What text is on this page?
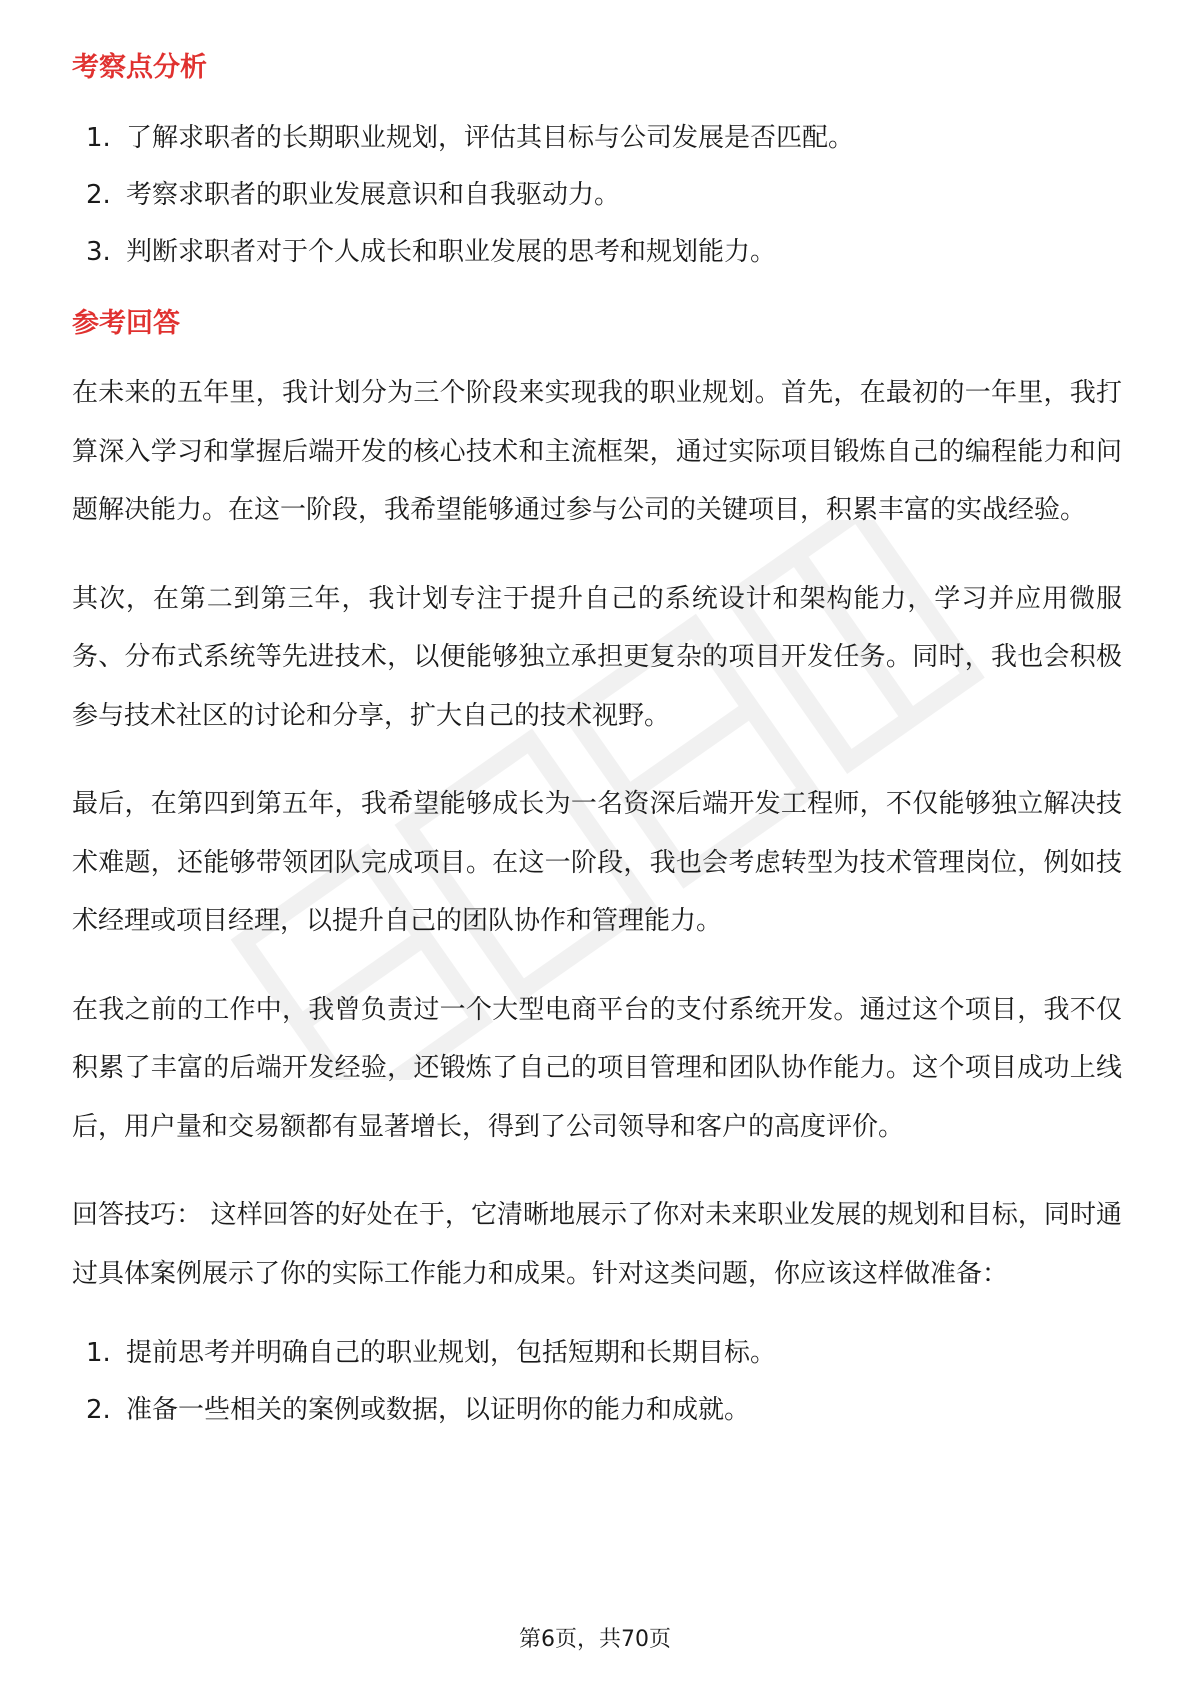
考察点分析
1. 了解求职者的长期职业规划，评估其目标与公司发展是否匹配。
2. 考察求职者的职业发展意识和自我驱动力。
3. 判断求职者对于个人成长和职业发展的思考和规划能力。
参考回答

在未来的五年里，我计划分为三个阶段来实现我的职业规划。首先，在最初的一年里，我打算深入学习和掌握后端开发的核心技术和主流框架，通过实际项目锻炼自己的编程能力和问题解决能力。在这一阶段，我希望能够通过参与公司的关键项目，积累丰富的实战经验。

其次，在第二到第三年，我计划专注于提升自己的系统设计和架构能力，学习并应用微服务、分布式系统等先进技术，以便能够独立承担更复杂的项目开发任务。同时，我也会积极参与技术社区的讨论和分享，扩大自己的技术视野。

最后，在第四到第五年，我希望能够成长为一名资深后端开发工程师，不仅能够独立解决技术难题，还能够带领团队完成项目。在这一阶段，我也会考虑转型为技术管理岗位，例如技术经理或项目经理，以提升自己的团队协作和管理能力。

在我之前的工作中，我曾负责过一个大型电商平台的支付系统开发。通过这个项目，我不仅积累了丰富的后端开发经验，还锻炼了自己的项目管理和团队协作能力。这个项目成功上线后，用户量和交易额都有显著增长，得到了公司领导和客户的高度评价。

回答技巧： 这样回答的好处在于，它清晰地展示了你对未来职业发展的规划和目标，同时通过具体案例展示了你的实际工作能力和成果。针对这类问题，你应该这样做准备：

1. 提前思考并明确自己的职业规划，包括短期和长期目标。
2. 准备一些相关的案例或数据，以证明你的能力和成就。
第6页，共70页
